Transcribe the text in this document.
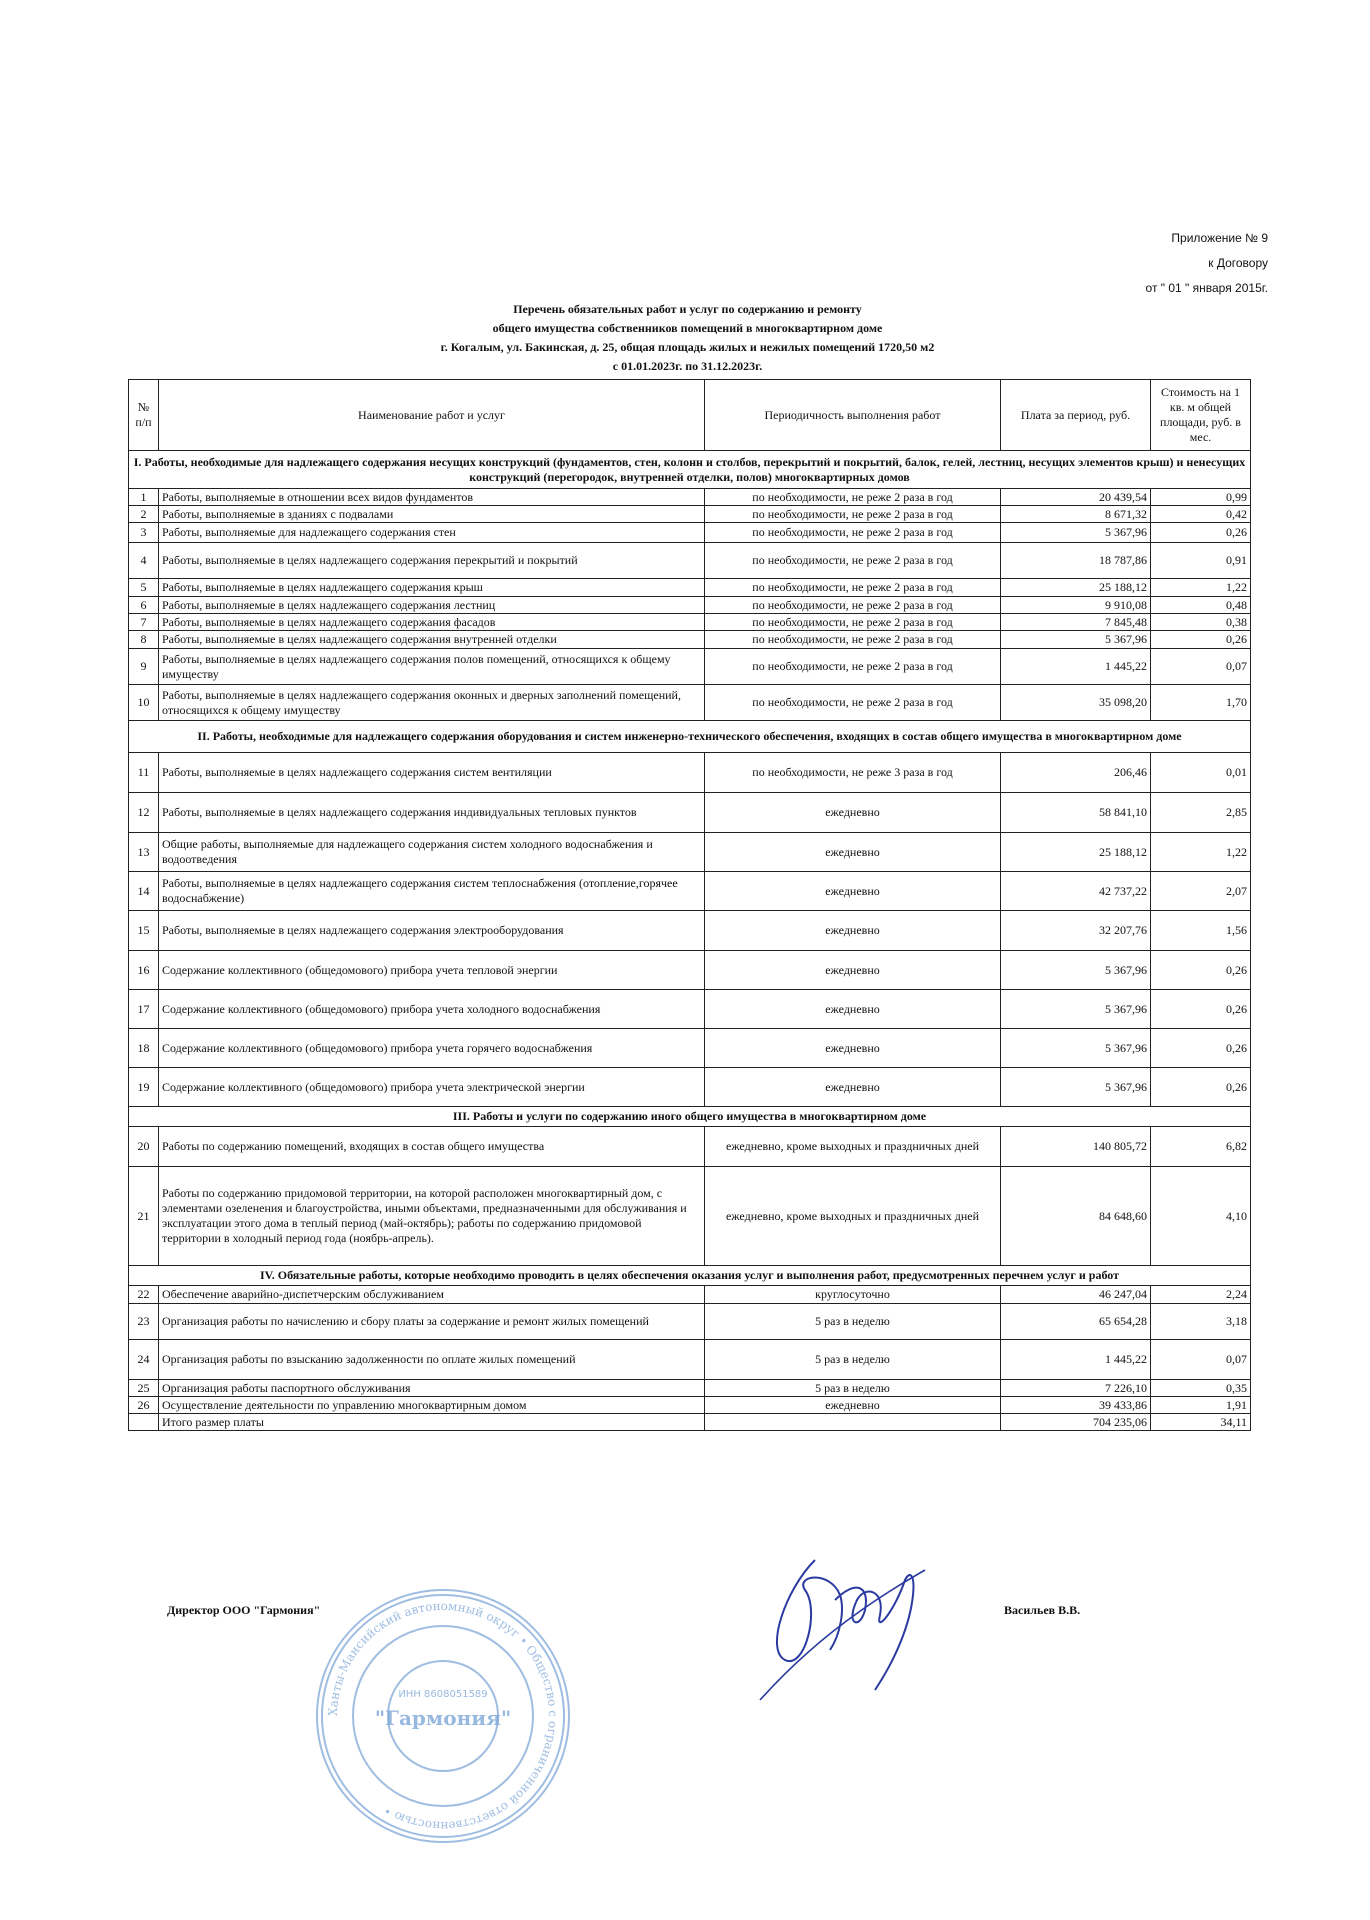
Приложение № 9
к Договору
от " 01 " января 2015г.
Перечень обязательных работ и услуг по содержанию и ремонту
общего имущества собственников помещений в многоквартирном доме
г. Когалым, ул. Бакинская, д. 25, общая площадь жилых и нежилых помещений 1720,50 м2
с 01.01.2023г. по 31.12.2023г.
№ п/п	Наименование работ и услуг	Периодичность выполнения работ	Плата за период, руб.	Стоимость на 1 кв. м общей площади, руб. в мес.
I. Работы, необходимые для надлежащего содержания несущих конструкций (фундаментов, стен, колонн и столбов, перекрытий и покрытий, балок, гелей, лестниц, несущих элементов крыш) и ненесущих конструкций (перегородок, внутренней отделки, полов) многоквартирных домов				
1	Работы, выполняемые в отношении всех видов фундаментов	по необходимости, не реже 2 раза в год	20 439,54	0,99
2	Работы, выполняемые в зданиях с подвалами	по необходимости, не реже 2 раза в год	8 671,32	0,42
3	Работы, выполняемые для надлежащего содержания стен	по необходимости, не реже 2 раза в год	5 367,96	0,26
4	Работы, выполняемые в целях надлежащего содержания перекрытий и покрытий	по необходимости, не реже 2 раза в год	18 787,86	0,91
5	Работы, выполняемые в целях надлежащего содержания крыш	по необходимости, не реже 2 раза в год	25 188,12	1,22
6	Работы, выполняемые в целях надлежащего содержания лестниц	по необходимости, не реже 2 раза в год	9 910,08	0,48
7	Работы, выполняемые в целях надлежащего содержания фасадов	по необходимости, не реже 2 раза в год	7 845,48	0,38
8	Работы, выполняемые в целях надлежащего содержания внутренней отделки	по необходимости, не реже 2 раза в год	5 367,96	0,26
9	Работы, выполняемые в целях надлежащего содержания полов помещений, относящихся к общему имуществу	по необходимости, не реже 2 раза в год	1 445,22	0,07
10	Работы, выполняемые в целях надлежащего содержания оконных и дверных заполнений помещений, относящихся к общему имуществу	по необходимости, не реже 2 раза в год	35 098,20	1,70
II. Работы, необходимые для надлежащего содержания оборудования и систем инженерно-технического обеспечения, входящих в состав общего имущества в многоквартирном доме				
11	Работы, выполняемые в целях надлежащего содержания систем вентиляции	по необходимости, не реже 3 раза в год	206,46	0,01
12	Работы, выполняемые в целях надлежащего содержания индивидуальных тепловых пунктов	ежедневно	58 841,10	2,85
13	Общие работы, выполняемые для надлежащего содержания систем холодного водоснабжения и водоотведения	ежедневно	25 188,12	1,22
14	Работы, выполняемые в целях надлежащего содержания систем теплоснабжения (отопление,горячее водоснабжение)	ежедневно	42 737,22	2,07
15	Работы, выполняемые в целях надлежащего содержания электрооборудования	ежедневно	32 207,76	1,56
16	Содержание коллективного (общедомового) прибора учета тепловой энергии	ежедневно	5 367,96	0,26
17	Содержание коллективного (общедомового) прибора учета холодного водоснабжения	ежедневно	5 367,96	0,26
18	Содержание коллективного (общедомового) прибора учета горячего водоснабжения	ежедневно	5 367,96	0,26
19	Содержание коллективного (общедомового) прибора учета электрической энергии	ежедневно	5 367,96	0,26
III. Работы и услуги по содержанию иного общего имущества в многоквартирном доме				
20	Работы по содержанию помещений, входящих в состав общего имущества	ежедневно, кроме выходных и праздничных дней	140 805,72	6,82
21	Работы по содержанию придомовой территории, на которой расположен многоквартирный дом, с элементами озеленения и благоустройства, иными объектами, предназначенными для обслуживания и эксплуатации этого дома в теплый период (май-октябрь); работы по содержанию придомовой территории в холодный период года (ноябрь-апрель).	ежедневно, кроме выходных и праздничных дней	84 648,60	4,10
IV. Обязательные работы, которые необходимо проводить в целях обеспечения оказания услуг и выполнения работ, предусмотренных перечнем услуг и работ				
22	Обеспечение аварийно-диспетчерским обслуживанием	круглосуточно	46 247,04	2,24
23	Организация работы по начислению и сбору платы за содержание и ремонт жилых помещений	5 раз в неделю	65 654,28	3,18
24	Организация работы по взысканию задолженности по оплате жилых помещений	5 раз в неделю	1 445,22	0,07
25	Организация работы паспортного обслуживания	5 раз в неделю	7 226,10	0,35
26	Осуществление деятельности по управлению многоквартирным домом	ежедневно	39 433,86	1,91
	Итого размер платы		704 235,06	34,11
Директор ООО "Гармония"	Васильев В.В.
Ханты-Мансийский автономный округ • Общество с ограниченной ответственностью •
"Гармония"
ИНН 8608051589
